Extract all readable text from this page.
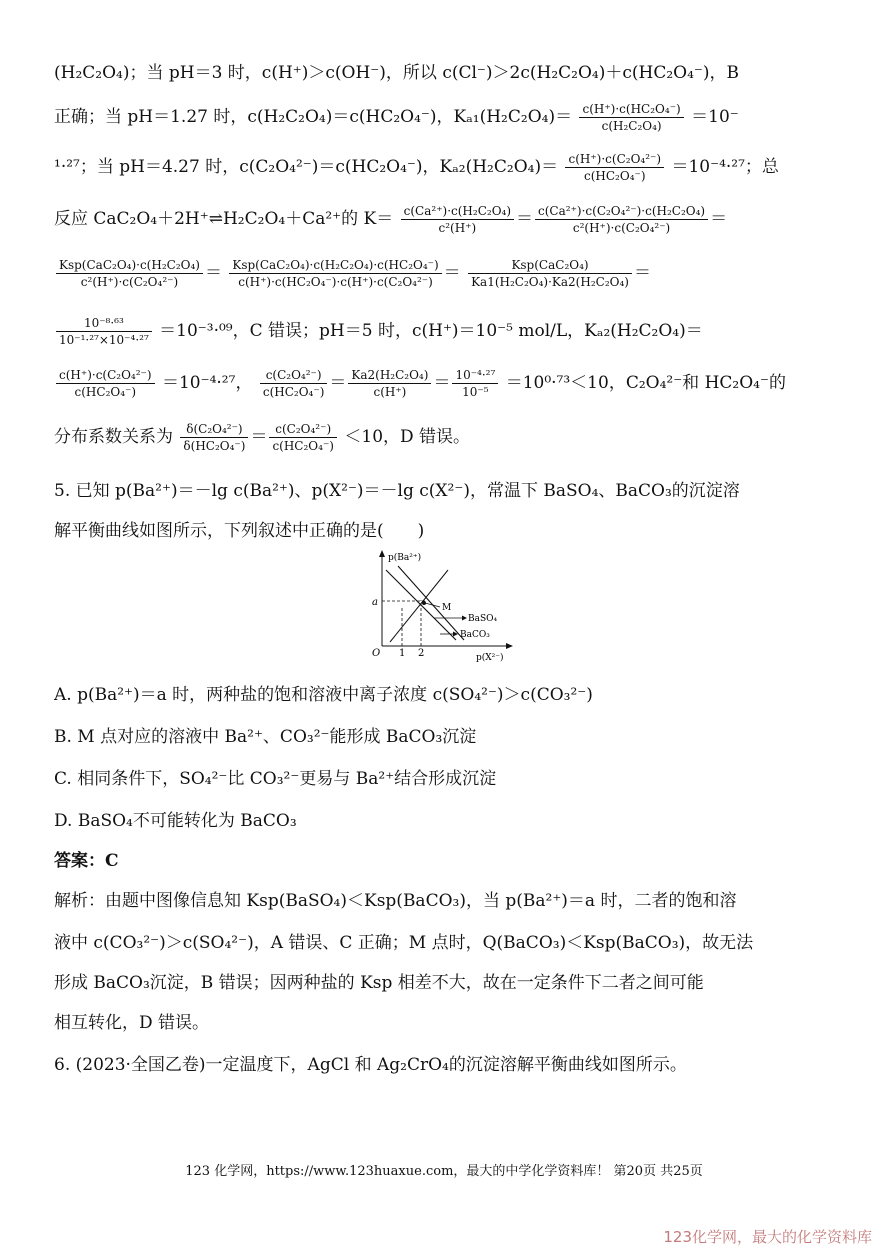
(H₂C₂O₄)；当 pH＝3 时，c(H⁺)＞c(OH⁻)，所以 c(Cl⁻)＞2c(H₂C₂O₄)＋c(HC₂O₄⁻)，B
正确；当 pH＝1.27 时，c(H₂C₂O₄)＝c(HC₂O₄⁻)，$K_{a1}(H_2C_2O_4)= \frac{\text{c(H⁺)·c(HC₂O₄⁻)}}{\text{c(H₂C₂O₄)}} =10^-$
¹·²⁷；当 pH＝4.27 时，c(C₂O₄²⁻)＝c(HC₂O₄⁻)，$K_{a2}(H_2C_2O_4)= \frac{\text{c(H⁺)·c(C₂O₄²⁻)}}{\text{c(HC₂O₄⁻)}} =10^{-4}\cdot^{27}$；总
反应 CaC₂O₄＋2H⁺⇌H₂C₂O₄＋Ca²⁺的 $K= \frac{\text{c(Ca²⁺)·c(H₂C₂O₄)}}{\text{c²(H⁺)}} = \frac{\text{c(Ca²⁺)·c(C₂O₄²⁻)·c(H₂C₂O₄)}}{\text{c²(H⁺)·c(C₂O₄²⁻)}}$ ＝
$\frac{\text{Ksp(CaC₂O₄)·c(H₂C₂O₄)}}{\text{c²(H⁺)·c(C₂O₄²⁻)}} = \frac{\text{Ksp(CaC₂O₄)·c(H₂C₂O₄)·c(HC₂O₄⁻)}}{\text{c(H⁺)·c(HC₂O₄⁻)·c(H⁺)·c(C₂O₄²⁻)}} = \frac{\text{Ksp(CaC₂O₄)}}{\text{Ka1(H₂C₂O₄)·Ka2(H₂C₂O₄)}}$ ＝
$\frac{\text{10⁻⁸·⁶³}}{\text{10⁻¹·²⁷×10⁻⁴·²⁷}} =10^{-3}\cdot^{09}$，C 错误；pH＝5 时，c(H⁺)＝10⁻⁵ mol/L，Kₐ₂(H₂C₂O₄)＝
$\frac{\text{c(H⁺)·c(C₂O₄²⁻)}}{\text{c(HC₂O₄⁻)}} =10^{-4}\cdot^{27}$， $\frac{\text{c(C₂O₄²⁻)}}{\text{c(HC₂O₄⁻)}} = \frac{\text{Ka2(H₂C₂O₄)}}{c(H^+)} = \frac{\text{10⁻⁴·²⁷}}{\text{10⁻⁵}} =10^0\cdot^{73}<10$，C₂O₄²⁻和 HC₂O₄⁻的
分布系数关系为 $\frac{\text{δ(C₂O₄²⁻)}}{\text{δ(HC₂O₄⁻)}} = \frac{\text{c(C₂O₄²⁻)}}{\text{c(HC₂O₄⁻)}} <10$，D 错误。
5. 已知 p(Ba²⁺)＝－lg c(Ba²⁺)、p(X²⁻)＝－lg c(X²⁻)，常温下 BaSO₄、BaCO₃的沉淀溶
解平衡曲线如图所示，下列叙述中正确的是(　　)
p(Ba²⁺)
p(X²⁻)
O 1 2
a	M
BaSO₄
BaCO₃
A. p(Ba²⁺)＝a 时，两种盐的饱和溶液中离子浓度 c(SO₄²⁻)＞c(CO₃²⁻)
B. M 点对应的溶液中 Ba²⁺、CO₃²⁻能形成 BaCO₃沉淀
C. 相同条件下，SO₄²⁻比 CO₃²⁻更易与 Ba²⁺结合形成沉淀
D. BaSO₄不可能转化为 BaCO₃
答案：C
解析：由题中图像信息知 Ksp(BaSO₄)＜Ksp(BaCO₃)，当 p(Ba²⁺)＝a 时，二者的饱和溶
液中 c(CO₃²⁻)＞c(SO₄²⁻)，A 错误、C 正确；M 点时，Q(BaCO₃)＜Ksp(BaCO₃)，故无法
形成 BaCO₃沉淀，B 错误；因两种盐的 Ksp 相差不大，故在一定条件下二者之间可能
相互转化，D 错误。
6. (2023·全国乙卷)一定温度下，AgCl 和 Ag₂CrO₄的沉淀溶解平衡曲线如图所示。
123 化学网，https://www.123huaxue.com，最大的中学化学资料库！ 第20页 共25页
123化学网，最大的化学资料库
